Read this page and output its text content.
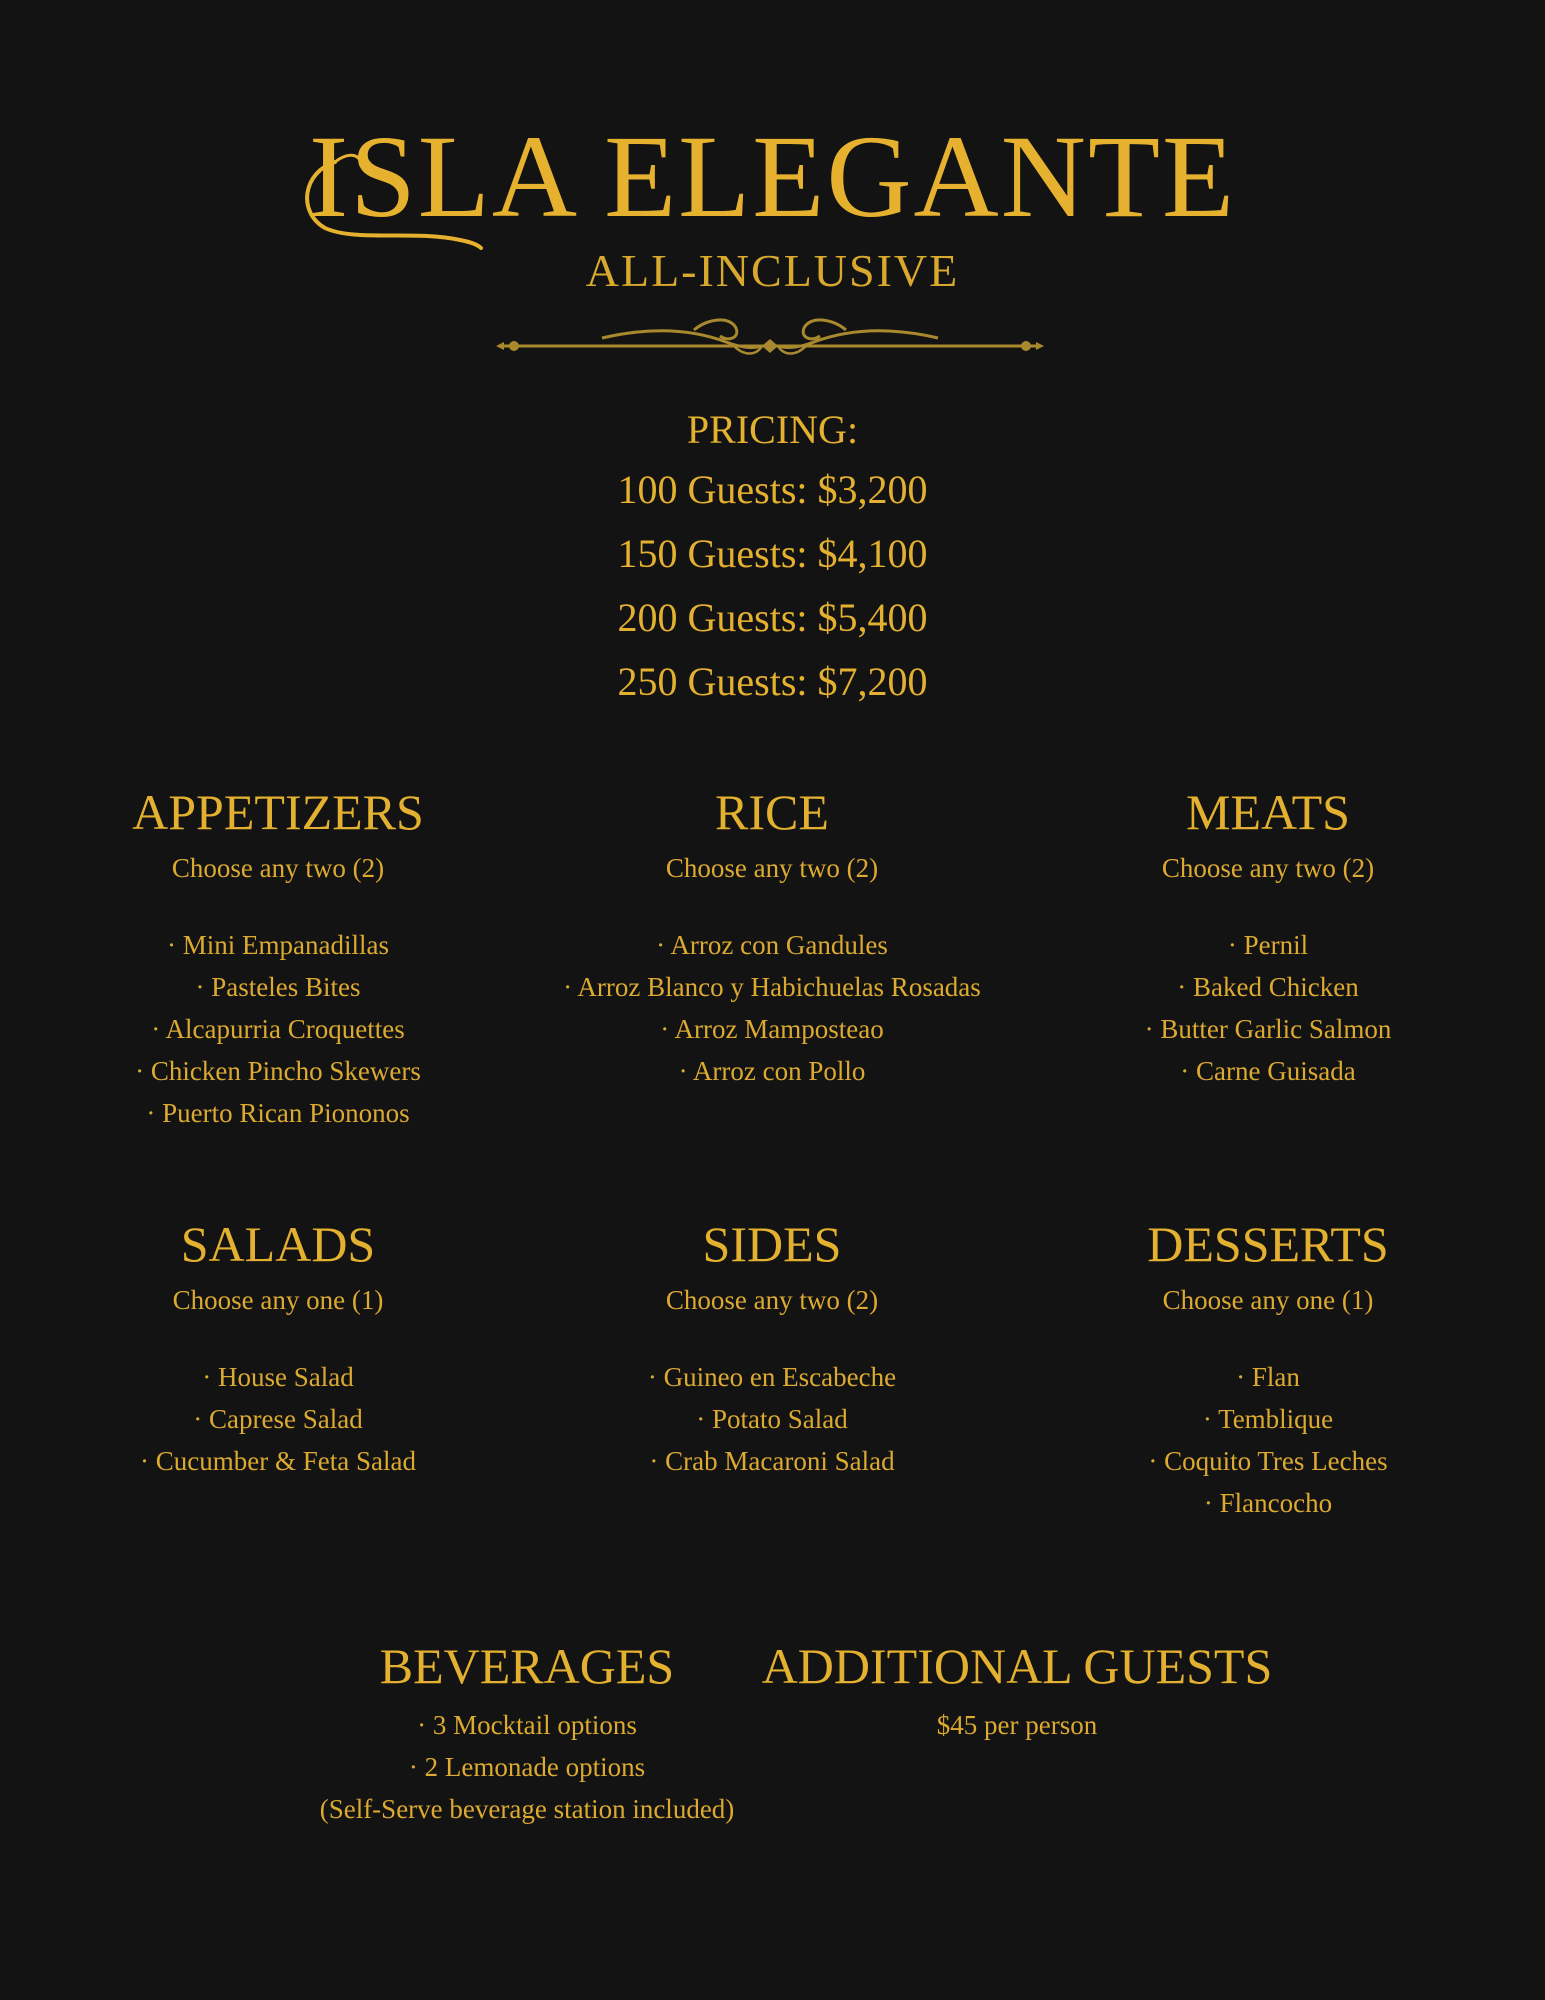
ISLA ELEGANTE
ALL-INCLUSIVE
PRICING:
100 Guests: $3,200
150 Guests: $4,100
200 Guests: $5,400
250 Guests: $7,200
APPETIZERS
Choose any two (2)
· Mini Empanadillas
· Pasteles Bites
· Alcapurria Croquettes
· Chicken Pincho Skewers
· Puerto Rican Piononos
RICE
Choose any two (2)
· Arroz con Gandules
· Arroz Blanco y Habichuelas Rosadas
· Arroz Mamposteao
· Arroz con Pollo
MEATS
Choose any two (2)
· Pernil
· Baked Chicken
· Butter Garlic Salmon
· Carne Guisada
SALADS
Choose any one (1)
· House Salad
· Caprese Salad
· Cucumber & Feta Salad
SIDES
Choose any two (2)
· Guineo en Escabeche
· Potato Salad
· Crab Macaroni Salad
DESSERTS
Choose any one (1)
· Flan
· Temblique
· Coquito Tres Leches
· Flancocho
BEVERAGES
· 3 Mocktail options
· 2 Lemonade options
(Self-Serve beverage station included)
ADDITIONAL GUESTS
$45 per person
